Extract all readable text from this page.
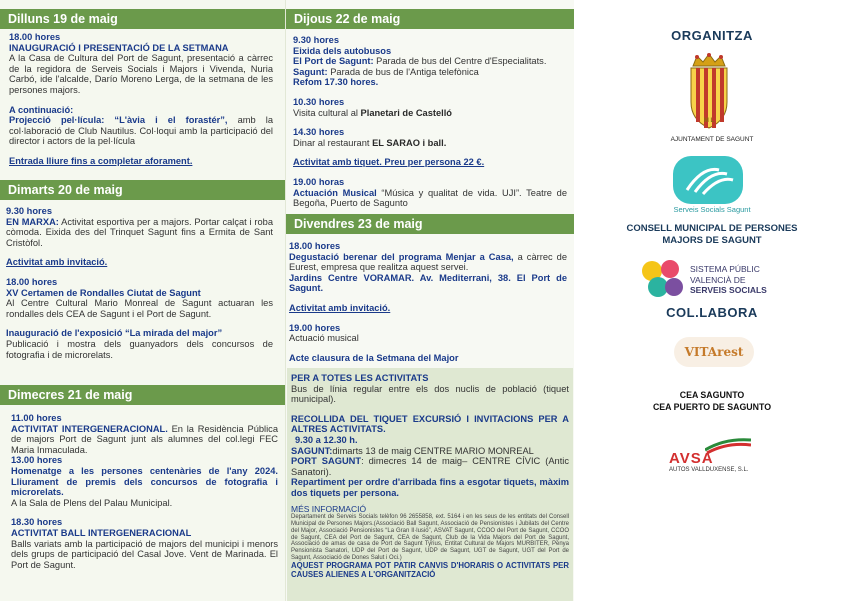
Dilluns 19 de maig
18.00 hores
INAUGURACIÓ I PRESENTACIÓ DE LA SETMANA
A la Casa de Cultura del Port de Sagunt, presentació a càrrec de la regidora de Serveis Socials i Majors i Vivenda, Nuria Carbó, ide l'alcalde, Darío Moreno Lerga, de la setmana de les persones majors.
A continuació:
Projecció pel·lícula: “L'àvia i el forastér”, amb la col·laboració de Club Nautilus. Col·loqui amb la participació del director i actors de la pel·lícula
Entrada lliure fins a completar aforament.
Dimarts 20 de maig
9.30 hores
EN MARXA: Activitat esportiva per a majors. Portar calçat i roba còmoda. Eixida des del Trinquet Sagunt fins a Ermita de Sant Cristòfol.
Activitat amb invitació.
18.00 hores
XV Certamen de Rondalles Ciutat de Sagunt
Al Centre Cultural Mario Monreal de Sagunt actuaran les rondalles dels CEA de Sagunt i el Port de Sagunt.
Inauguració de l'exposició “La mirada del major”
Publicació i mostra dels guanyadors dels concursos de fotografia i de microrelats.
Dimecres 21 de maig
11.00 hores
ACTIVITAT INTERGENERACIONAL. En la Residència Pública de majors Port de Sagunt junt als alumnes del col.legi FEC Maria Inmaculada.
13.00 hores
Homenatge a les persones centenàries de l'any 2024. Lliurament de premis dels concursos de fotografia i microrelats.
A la Sala de Plens del Palau Municipal.
18.30 hores
ACTIVITAT BALL INTERGENERACIONAL
Balls variats amb la participació de majors del municipi i menors dels grups de participació del Casal Jove. Vent de Marinada. El Port de Sagunt.
Dijous 22 de maig
9.30 hores
Eixida dels autobusos
El Port de Sagunt: Parada de bus del Centre d'Especialitats.
Sagunt: Parada de bus de l'Antiga telefònica
Refom 17.30 hores.
10.30 hores
Visita cultural al Planetari de Castelló
14.30 hores
Dinar al restaurant EL SARAO i ball.
Activitat amb tiquet. Preu per persona 22 €.
19.00 horas
Actuación Musical “Música y qualitat de vida. UJI”. Teatre de Begoña, Puerto de Sagunto
Divendres 23 de maig
18.00 hores
Degustació berenar del programa Menjar a Casa, a càrrec de Eurest, empresa que realitza aquest servei.
Jardins Centre VORAMAR. Av. Mediterrani, 38. El Port de Sagunt.
Activitat amb invitació.
19.00 hores
Actuació musical
Acte clausura de la Setmana del Major
PER A TOTES LES ACTIVITATS
Bus de línia regular entre els dos nuclis de població (tiquet municipal).
RECOLLIDA DEL TIQUET EXCURSIÓ I INVITACIONS PER A ALTRES ACTIVITATS.
9.30 a 12.30 h.
SAGUNT:dimarts 13 de maig CENTRE MARIO MONREAL
PORT SAGUNT: dimecres 14 de maig– CENTRE CÍVIC (Antic Sanatori).
Repartiment per ordre d'arribada fins a esgotar tiquets, màxim dos tiquets per persona.
MÉS INFORMACIÓ
Departament de Serveis Socials telèfon 96 2655858, ext. 5164 i en les seus de les entitats del Consell Municipal de Persones Majors.(Associació Ball Sagunt, Associació de Pensionistes i Jubilats del Centre del Major, Associació Pensionistes “La Gran Il·lusió”, ASVAT Sagunt, CCOO del Port de Sagunt, CCOO de Sagunt, CEA del Port de Sagunt, CEA de Sagunt, Club de la Vida Majors del Port de Sagunt, Associació de amas de casa de Port de Sagunt Tyrius, Entitat Cultural de Majors MURBITER, Penya Pensionista Sanatori, UDP del Port de Sagunt, UDP de Sagunt, UGT de Sagunt, UGT del Port de Sagunt, Associació de Dones Salut i Oci.)
AQUEST PROGRAMA POT PATIR CANVIS D'HORARIS O ACTIVITATS PER CAUSES ALIENES A L'ORGANITZACIÓ
ORGANITZA
M L
AJUNTAMENT DE SAGUNT
Serveis Socials Sagunt
CONSELL MUNICIPAL DE PERSONES MAJORS DE SAGUNT
SISTEMA PÚBLIC
VALENCIÀ DE
SERVEIS SOCIALS
COL.LABORA
VITArest
CEA SAGUNTO
CEA PUERTO DE SAGUNTO
AVSA
AUTOS VALLDUXENSE, S.L.
